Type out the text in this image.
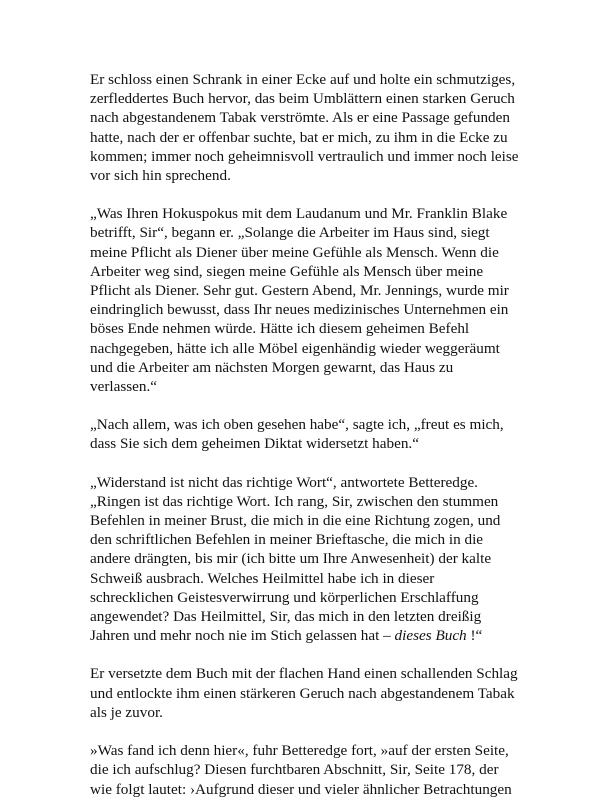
Er schloss einen Schrank in einer Ecke auf und holte ein schmutziges, zerfleddertes Buch hervor, das beim Umblättern einen starken Geruch nach abgestandenem Tabak verströmte. Als er eine Passage gefunden hatte, nach der er offenbar suchte, bat er mich, zu ihm in die Ecke zu kommen; immer noch geheimnisvoll vertraulich und immer noch leise vor sich hin sprechend.

„Was Ihren Hokuspokus mit dem Laudanum und Mr. Franklin Blake betrifft, Sir“, begann er. „Solange die Arbeiter im Haus sind, siegt meine Pflicht als Diener über meine Gefühle als Mensch. Wenn die Arbeiter weg sind, siegen meine Gefühle als Mensch über meine Pflicht als Diener. Sehr gut. Gestern Abend, Mr. Jennings, wurde mir eindringlich bewusst, dass Ihr neues medizinisches Unternehmen ein böses Ende nehmen würde. Hätte ich diesem geheimen Befehl nachgegeben, hätte ich alle Möbel eigenhändig wieder weggeräumt und die Arbeiter am nächsten Morgen gewarnt, das Haus zu verlassen.“

„Nach allem, was ich oben gesehen habe“, sagte ich, „freut es mich, dass Sie sich dem geheimen Diktat widersetzt haben.“

„Widerstand ist nicht das richtige Wort“, antwortete Betteredge. „Ringen ist das richtige Wort. Ich rang, Sir, zwischen den stummen Befehlen in meiner Brust, die mich in die eine Richtung zogen, und den schriftlichen Befehlen in meiner Brieftasche, die mich in die andere drängten, bis mir (ich bitte um Ihre Anwesenheit) der kalte Schweiß ausbrach. Welches Heilmittel habe ich in dieser schrecklichen Geistesverwirrung und körperlichen Erschlaffung angewendet? Das Heilmittel, Sir, das mich in den letzten dreißig Jahren und mehr noch nie im Stich gelassen hat – dieses Buch !“

Er versetzte dem Buch mit der flachen Hand einen schallenden Schlag und entlockte ihm einen stärkeren Geruch nach abgestandenem Tabak als je zuvor.

»Was fand ich denn hier«, fuhr Betteredge fort, »auf der ersten Seite, die ich aufschlug? Diesen furchtbaren Abschnitt, Sir, Seite 178, der wie folgt lautet: ›Aufgrund dieser und vieler ähnlicher Betrachtungen
